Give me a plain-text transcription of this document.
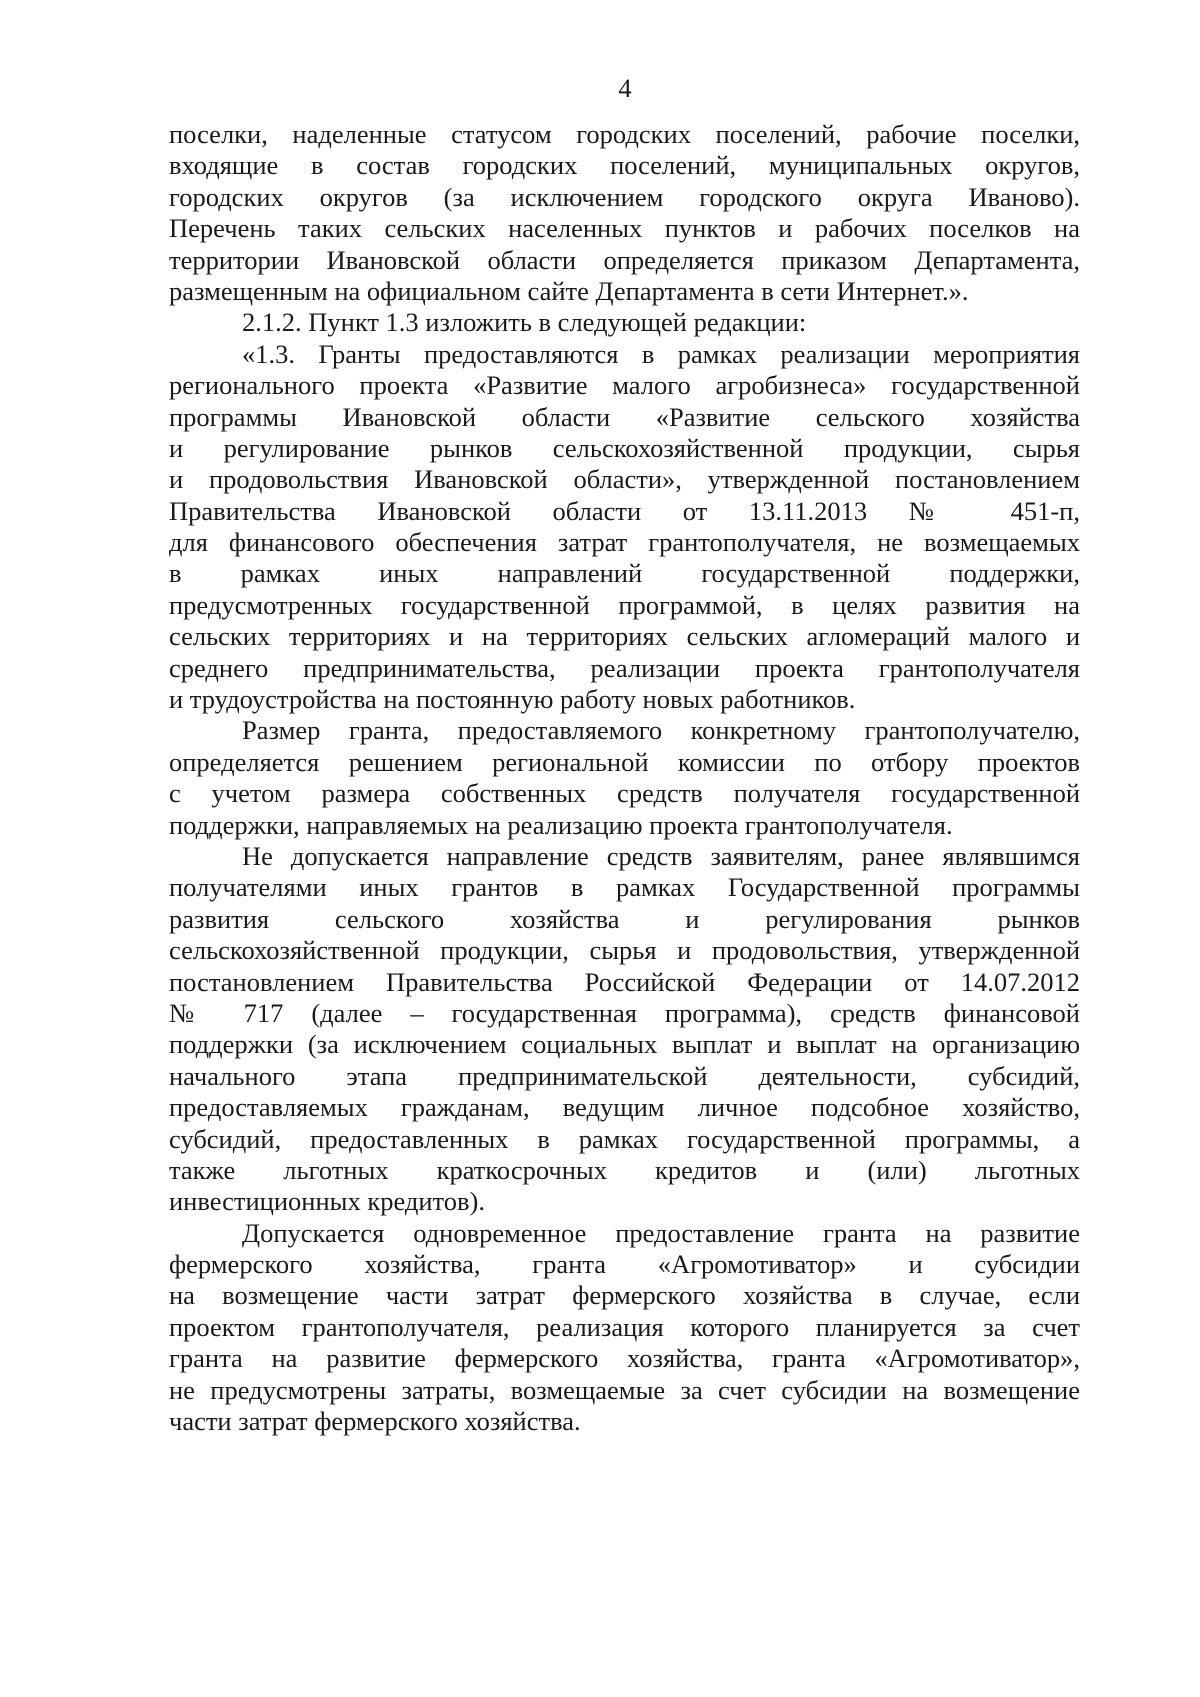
4
поселки, наделенные статусом городских поселений, рабочие поселки,
входящие в состав городских поселений, муниципальных округов,
городских округов (за исключением городского округа Иваново).
Перечень таких сельских населенных пунктов и рабочих поселков на
территории Ивановской области определяется приказом Департамента,
размещенным на официальном сайте Департамента в сети Интернет.».
2.1.2. Пункт 1.3 изложить в следующей редакции:
«1.3. Гранты предоставляются в рамках реализации мероприятия
регионального проекта «Развитие малого агробизнеса» государственной
программы Ивановской области «Развитие сельского хозяйства
и регулирование рынков сельскохозяйственной продукции, сырья
и продовольствия Ивановской области», утвержденной постановлением
Правительства Ивановской области от 13.11.2013 № 451-п,
для финансового обеспечения затрат грантополучателя, не возмещаемых
в рамках иных направлений государственной поддержки,
предусмотренных государственной программой, в целях развития на
сельских территориях и на территориях сельских агломераций малого и
среднего предпринимательства, реализации проекта грантополучателя
и трудоустройства на постоянную работу новых работников.
Размер гранта, предоставляемого конкретному грантополучателю,
определяется решением региональной комиссии по отбору проектов
с учетом размера собственных средств получателя государственной
поддержки, направляемых на реализацию проекта грантополучателя.
Не допускается направление средств заявителям, ранее являвшимся
получателями иных грантов в рамках Государственной программы
развития сельского хозяйства и регулирования рынков
сельскохозяйственной продукции, сырья и продовольствия, утвержденной
постановлением Правительства Российской Федерации от 14.07.2012
№ 717 (далее – государственная программа), средств финансовой
поддержки (за исключением социальных выплат и выплат на организацию
начального этапа предпринимательской деятельности, субсидий,
предоставляемых гражданам, ведущим личное подсобное хозяйство,
субсидий, предоставленных в рамках государственной программы, а
также льготных краткосрочных кредитов и (или) льготных
инвестиционных кредитов).
Допускается одновременное предоставление гранта на развитие
фермерского хозяйства, гранта «Агромотиватор» и субсидии
на возмещение части затрат фермерского хозяйства в случае, если
проектом грантополучателя, реализация которого планируется за счет
гранта на развитие фермерского хозяйства, гранта «Агромотиватор»,
не предусмотрены затраты, возмещаемые за счет субсидии на возмещение
части затрат фермерского хозяйства.
